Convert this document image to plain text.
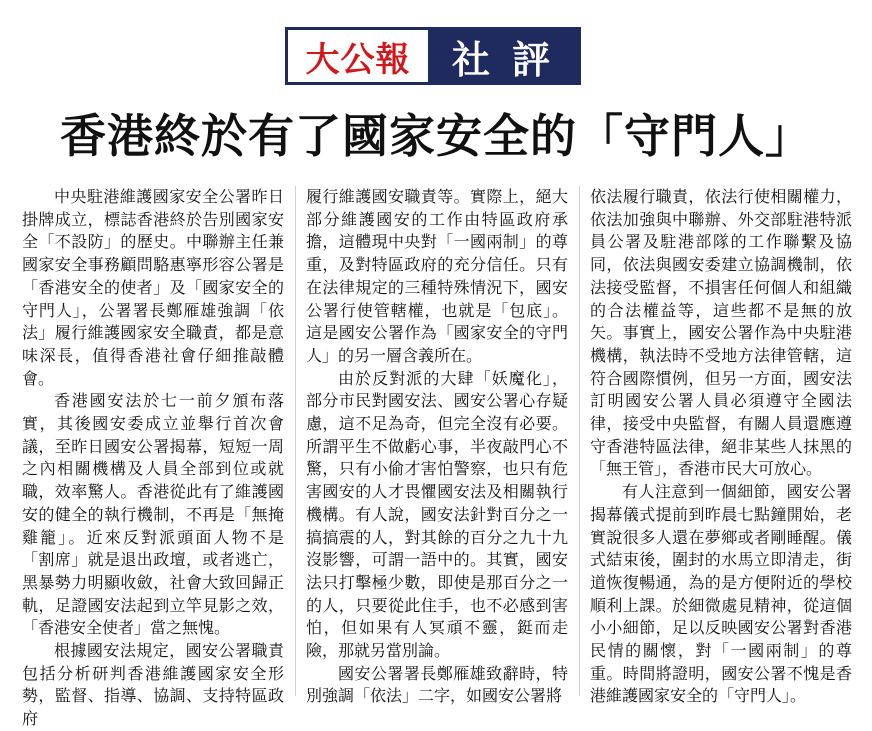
大公報	社評
香港終於有了國家安全的「守門人」

中央駐港維護國家安全公署昨日掛牌成立，標誌香港終於告別國家安全「不設防」的歷史。中聯辦主任兼國家安全事務顧問駱惠寧形容公署是「香港安全的使者」及「國家安全的守門人」，公署署長鄭雁雄強調「依法」履行維護國家安全職責，都是意味深長，值得香港社會仔細推敲體會。

香港國安法於七一前夕頒布落實，其後國安委成立並舉行首次會議，至昨日國安公署揭幕，短短一周之內相關機構及人員全部到位或就職，效率驚人。香港從此有了維護國安的健全的執行機制，不再是「無掩雞籠」。近來反對派頭面人物不是「割席」就是退出政壇，或者逃亡，黑暴勢力明顯收斂，社會大致回歸正軌，足證國安法起到立竿見影之效，「香港安全使者」當之無愧。

根據國安法規定，國安公署職責包括分析研判香港維護國家安全形勢，監督、指導、協調、支持特區政府

履行維護國安職責等。實際上，絕大部分維護國安的工作由特區政府承擔，這體現中央對「一國兩制」的尊重，及對特區政府的充分信任。只有在法律規定的三種特殊情況下，國安公署行使管轄權，也就是「包底」。這是國安公署作為「國家安全的守門人」的另一層含義所在。

由於反對派的大肆「妖魔化」，部分市民對國安法、國安公署心存疑慮，這不足為奇，但完全沒有必要。所謂平生不做虧心事，半夜敲門心不驚，只有小偷才害怕警察，也只有危害國安的人才畏懼國安法及相關執行機構。有人說，國安法針對百分之一搞搞震的人，對其餘的百分之九十九沒影響，可謂一語中的。其實，國安法只打擊極少數，即使是那百分之一的人，只要從此住手，也不必感到害怕，但如果有人冥頑不靈，鋌而走險，那就另當別論。

國安公署署長鄭雁雄致辭時，特別強調「依法」二字，如國安公署將

依法履行職責，依法行使相關權力，依法加強與中聯辦、外交部駐港特派員公署及駐港部隊的工作聯繫及協同，依法與國安委建立協調機制，依法接受監督，不損害任何個人和組織的合法權益等，這些都不是無的放矢。事實上，國安公署作為中央駐港機構，執法時不受地方法律管轄，這符合國際慣例，但另一方面，國安法訂明國安公署人員必須遵守全國法律，接受中央監督，有關人員還應遵守香港特區法律，絕非某些人抹黑的「無王管」，香港市民大可放心。

有人注意到一個細節，國安公署揭幕儀式提前到昨晨七點鐘開始，老實說很多人還在夢鄉或者剛睡醒。儀式結束後，圍封的水馬立即清走，街道恢復暢通，為的是方便附近的學校順利上課。於細微處見精神，從這個小小細節，足以反映國安公署對香港民情的關懷，對「一國兩制」的尊重。時間將證明，國安公署不愧是香港維護國家安全的「守門人」。
